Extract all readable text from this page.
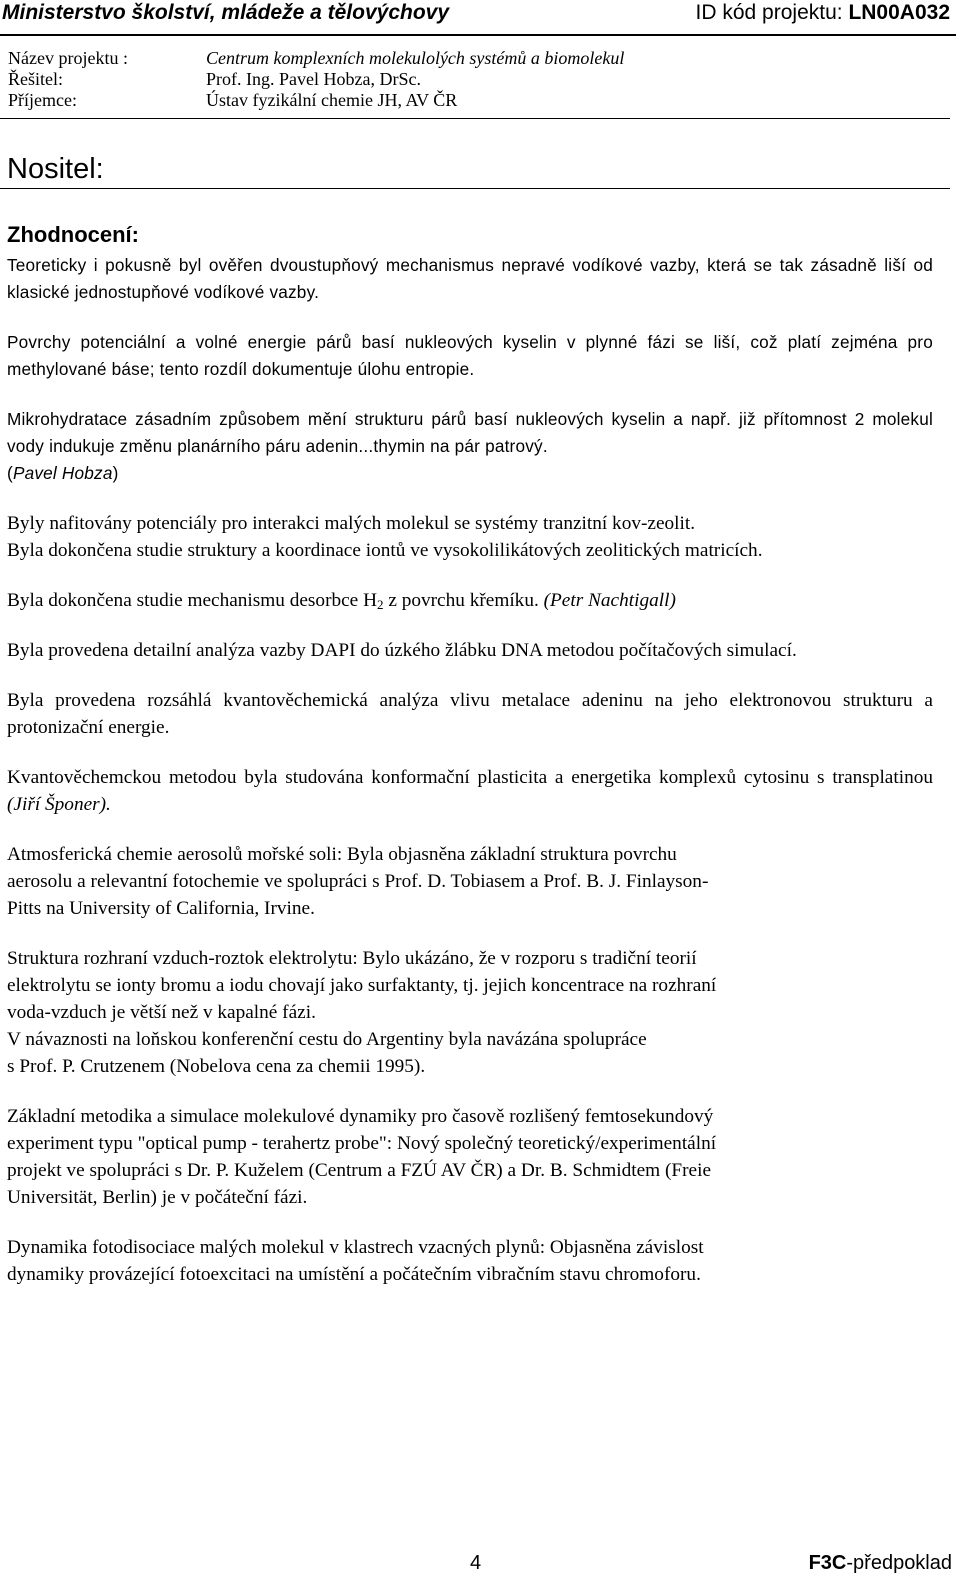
Ministerstvo školství, mládeže a tělovýchovy	ID kód projektu: LN00A032
Název projektu :	Centrum komplexních molekulolých systémů a biomolekul
Řešitel:	Prof. Ing. Pavel Hobza, DrSc.
Příjemce:	Ústav fyzikální chemie JH, AV ČR
Nositel:
Zhodnocení:

Teoreticky i pokusně byl ověřen dvoustupňový mechanismus nepravé vodíkové vazby, která se tak zásadně liší od klasické jednostupňové vodíkové vazby.

Povrchy potenciální a volné energie párů basí nukleových kyselin v plynné fázi se liší, což platí zejména pro methylované báse; tento rozdíl dokumentuje úlohu entropie.

Mikrohydratace zásadním způsobem mění strukturu párů basí nukleových kyselin a např. již přítomnost 2 molekul vody indukuje změnu planárního páru adenin...thymin na pár patrový.
(Pavel Hobza)

Byly nafitovány potenciály pro interakci malých molekul se systémy tranzitní kov-zeolit.

Byla dokončena studie struktury a koordinace iontů ve vysokolilikátových zeolitických matricích.

Byla dokončena studie mechanismu desorbce $H_2$ z povrchu křemíku. (Petr Nachtigall)

Byla provedena detailní analýza vazby DAPI do úzkého žlábku DNA metodou počítačových simulací.

Byla provedena rozsáhlá kvantověchemická analýza vlivu metalace adeninu na jeho elektronovou strukturu a protonizační energie.

Kvantověchemckou metodou byla studována konformační plasticita a energetika komplexů cytosinu s transplatinou (Jiří Šponer).

Atmosferická chemie aerosolů mořské soli: Byla objasněna základní struktura povrchu
aerosolu a relevantní fotochemie ve spolupráci s Prof. D. Tobiasem a Prof. B. J. Finlayson-
Pitts na University of California, Irvine.

Struktura rozhraní vzduch-roztok elektrolytu: Bylo ukázáno, že v rozporu s tradiční teorií
elektrolytu se ionty bromu a iodu chovají jako surfaktanty, tj. jejich koncentrace na rozhraní
voda-vzduch je větší než v kapalné fázi.
V návaznosti na loňskou konferenční cestu do Argentiny byla navázána spolupráce
s Prof. P. Crutzenem (Nobelova cena za chemii 1995).

Základní metodika a simulace molekulové dynamiky pro časově rozlišený femtosekundový
experiment typu "optical pump - terahertz probe": Nový společný teoretický/experimentální
projekt ve spolupráci s Dr. P. Kuželem (Centrum a FZÚ AV ČR) a Dr. B. Schmidtem (Freie
Universität, Berlin) je v počáteční fázi.

Dynamika fotodisociace malých molekul v klastrech vzacných plynů: Objasněna závislost
dynamiky provázející fotoexcitaci na umístění a počátečním vibračním stavu chromoforu.

4	F3C-předpoklad
